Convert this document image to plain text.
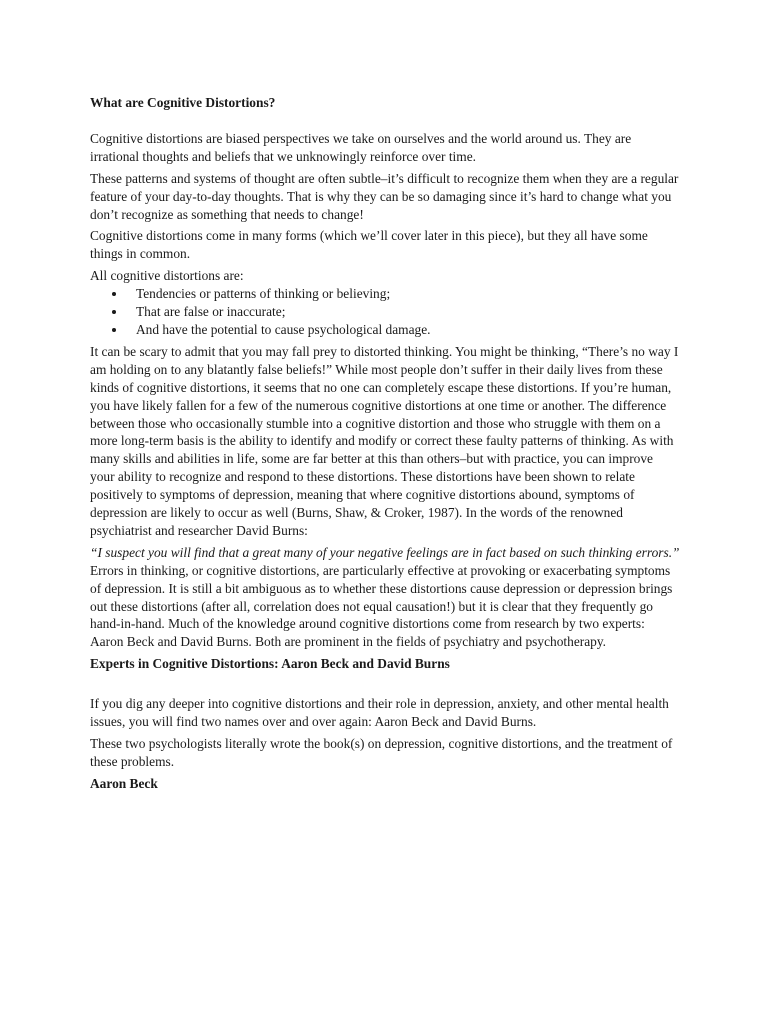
What are Cognitive Distortions?

Cognitive distortions are biased perspectives we take on ourselves and the world around us. They are irrational thoughts and beliefs that we unknowingly reinforce over time.

These patterns and systems of thought are often subtle–it’s difficult to recognize them when they are a regular feature of your day-to-day thoughts. That is why they can be so damaging since it’s hard to change what you don’t recognize as something that needs to change!

Cognitive distortions come in many forms (which we’ll cover later in this piece), but they all have some things in common.

All cognitive distortions are:

Tendencies or patterns of thinking or believing;
That are false or inaccurate;
And have the potential to cause psychological damage.

It can be scary to admit that you may fall prey to distorted thinking. You might be thinking, “There’s no way I am holding on to any blatantly false beliefs!” While most people don’t suffer in their daily lives from these kinds of cognitive distortions, it seems that no one can completely escape these distortions. If you’re human, you have likely fallen for a few of the numerous cognitive distortions at one time or another. The difference between those who occasionally stumble into a cognitive distortion and those who struggle with them on a more long-term basis is the ability to identify and modify or correct these faulty patterns of thinking. As with many skills and abilities in life, some are far better at this than others–but with practice, you can improve your ability to recognize and respond to these distortions. These distortions have been shown to relate positively to symptoms of depression, meaning that where cognitive distortions abound, symptoms of depression are likely to occur as well (Burns, Shaw, & Croker, 1987). In the words of the renowned psychiatrist and researcher David Burns:

“I suspect you will find that a great many of your negative feelings are in fact based on such thinking errors.” Errors in thinking, or cognitive distortions, are particularly effective at provoking or exacerbating symptoms of depression. It is still a bit ambiguous as to whether these distortions cause depression or depression brings out these distortions (after all, correlation does not equal causation!) but it is clear that they frequently go hand-in-hand. Much of the knowledge around cognitive distortions come from research by two experts: Aaron Beck and David Burns. Both are prominent in the fields of psychiatry and psychotherapy.

Experts in Cognitive Distortions: Aaron Beck and David Burns

If you dig any deeper into cognitive distortions and their role in depression, anxiety, and other mental health issues, you will find two names over and over again: Aaron Beck and David Burns.

These two psychologists literally wrote the book(s) on depression, cognitive distortions, and the treatment of these problems.

Aaron Beck
